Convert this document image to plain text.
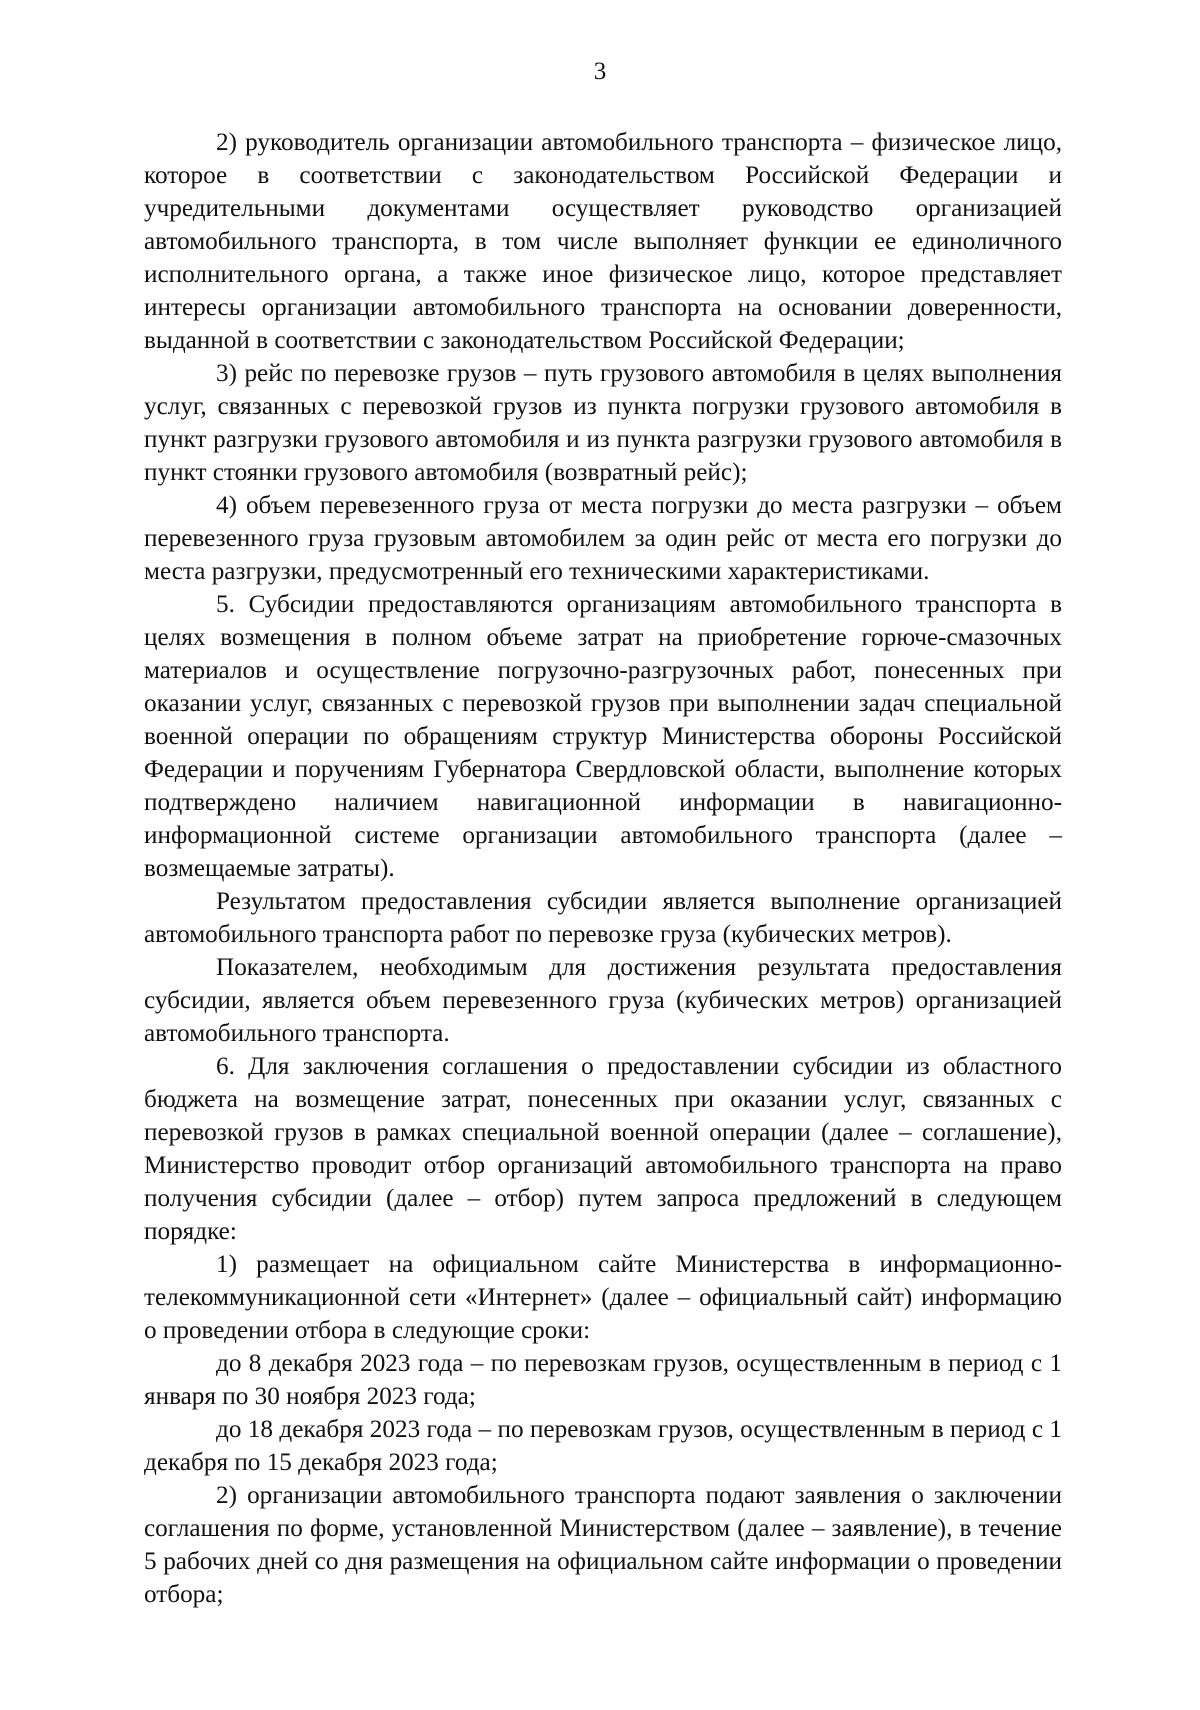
3

2) руководитель организации автомобильного транспорта – физическое лицо, которое в соответствии с законодательством Российской Федерации и учредительными документами осуществляет руководство организацией автомобильного транспорта, в том числе выполняет функции ее единоличного исполнительного органа, а также иное физическое лицо, которое представляет интересы организации автомобильного транспорта на основании доверенности, выданной в соответствии с законодательством Российской Федерации;

3) рейс по перевозке грузов – путь грузового автомобиля в целях выполнения услуг, связанных с перевозкой грузов из пункта погрузки грузового автомобиля в пункт разгрузки грузового автомобиля и из пункта разгрузки грузового автомобиля в пункт стоянки грузового автомобиля (возвратный рейс);

4) объем перевезенного груза от места погрузки до места разгрузки – объем перевезенного груза грузовым автомобилем за один рейс от места его погрузки до места разгрузки, предусмотренный его техническими характеристиками.

5. Субсидии предоставляются организациям автомобильного транспорта в целях возмещения в полном объеме затрат на приобретение горюче-смазочных материалов и осуществление погрузочно-разгрузочных работ, понесенных при оказании услуг, связанных с перевозкой грузов при выполнении задач специальной военной операции по обращениям структур Министерства обороны Российской Федерации и поручениям Губернатора Свердловской области, выполнение которых подтверждено наличием навигационной информации в навигационно-информационной системе организации автомобильного транспорта (далее – возмещаемые затраты).

Результатом предоставления субсидии является выполнение организацией автомобильного транспорта работ по перевозке груза (кубических метров).

Показателем, необходимым для достижения результата предоставления субсидии, является объем перевезенного груза (кубических метров) организацией автомобильного транспорта.

6. Для заключения соглашения о предоставлении субсидии из областного бюджета на возмещение затрат, понесенных при оказании услуг, связанных с перевозкой грузов в рамках специальной военной операции (далее – соглашение), Министерство проводит отбор организаций автомобильного транспорта на право получения субсидии (далее – отбор) путем запроса предложений в следующем порядке:

1) размещает на официальном сайте Министерства в информационно-телекоммуникационной сети «Интернет» (далее – официальный сайт) информацию о проведении отбора в следующие сроки:

до 8 декабря 2023 года – по перевозкам грузов, осуществленным в период с 1 января по 30 ноября 2023 года;

до 18 декабря 2023 года – по перевозкам грузов, осуществленным в период с 1 декабря по 15 декабря 2023 года;

2) организации автомобильного транспорта подают заявления о заключении соглашения по форме, установленной Министерством (далее – заявление), в течение 5 рабочих дней со дня размещения на официальном сайте информации о проведении отбора;
